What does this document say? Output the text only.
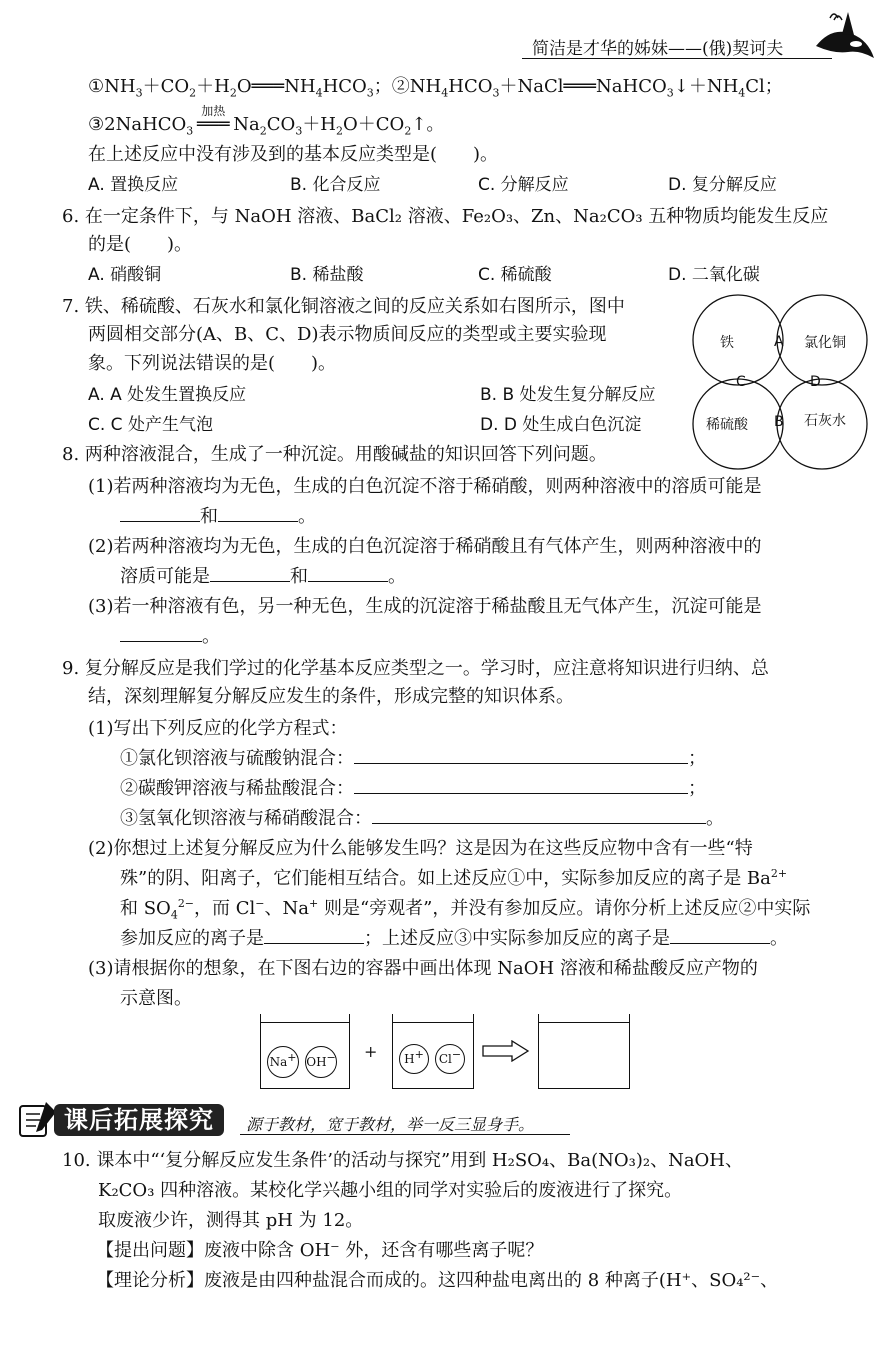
简洁是才华的姊妹——(俄)契诃夫
$①NH_3+CO_2+H_2O═══NH_4HCO_3$；$②NH_4HCO_3+NaCl═══NaHCO_3↓+NH_4Cl$；
③2NaHCO$_3$
加热
═══ $Na_2CO_3+H_2O+CO_2↑$。
在上述反应中没有涉及到的基本反应类型是(　　)。
A. 置换反应	B. 化合反应	C. 分解反应	D. 复分解反应
6. 在一定条件下，与 NaOH 溶液、BaCl₂ 溶液、Fe₂O₃、Zn、Na₂CO₃ 五种物质均能发生反应
的是(　　)。
A. 硝酸铜	B. 稀盐酸	C. 稀硫酸	D. 二氧化碳
7. 铁、稀硫酸、石灰水和氯化铜溶液之间的反应关系如右图所示，图中
两圆相交部分(A、B、C、D)表示物质间反应的类型或主要实验现
象。下列说法错误的是(　　)。
A. A 处发生置换反应	B. B 处发生复分解反应
C. C 处产生气泡	D. D 处生成白色沉淀
铁	氯化铜
稀硫酸	石灰水
A
B
C	D
8. 两种溶液混合，生成了一种沉淀。用酸碱盐的知识回答下列问题。
(1)若两种溶液均为无色，生成的白色沉淀不溶于稀硝酸，则两种溶液中的溶质可能是
和	。
(2)若两种溶液均为无色，生成的白色沉淀溶于稀硝酸且有气体产生，则两种溶液中的
溶质可能是	和	。
(3)若一种溶液有色，另一种无色，生成的沉淀溶于稀盐酸且无气体产生，沉淀可能是
。
9. 复分解反应是我们学过的化学基本反应类型之一。学习时，应注意将知识进行归纳、总
结，深刻理解复分解反应发生的条件，形成完整的知识体系。
(1)写出下列反应的化学方程式：
①氯化钡溶液与硫酸钠混合：	；
②碳酸钾溶液与稀盐酸混合：	；
③氢氧化钡溶液与稀硝酸混合：	。
(2)你想过上述复分解反应为什么能够发生吗？这是因为在这些反应物中含有一些“特
殊”的阴、阳离子，它们能相互结合。如上述反应①中，实际参加反应的离子是 $Ba^{2+}$
和 $SO_4^{2-}$，而 Cl−、Na+ 则是“旁观者”，并没有参加反应。请你分析上述反应②中实际
参加反应的离子是	；上述反应③中实际参加反应的离子是	。
(3)请根据你的想象，在下图右边的容器中画出体现 NaOH 溶液和稀盐酸反应产物的
示意图。
Na+ OH− +	H+	Cl−
课后拓展探究	源于教材，宽于教材，举一反三显身手。
10. 课本中“‘复分解反应发生条件’的活动与探究”用到 H₂SO₄、Ba(NO₃)₂、NaOH、
K₂CO₃ 四种溶液。某校化学兴趣小组的同学对实验后的废液进行了探究。
取废液少许，测得其 pH 为 12。
【提出问题】废液中除含 OH⁻ 外，还含有哪些离子呢？
【理论分析】废液是由四种盐混合而成的。这四种盐电离出的 8 种离子(H⁺、SO₄²⁻、
